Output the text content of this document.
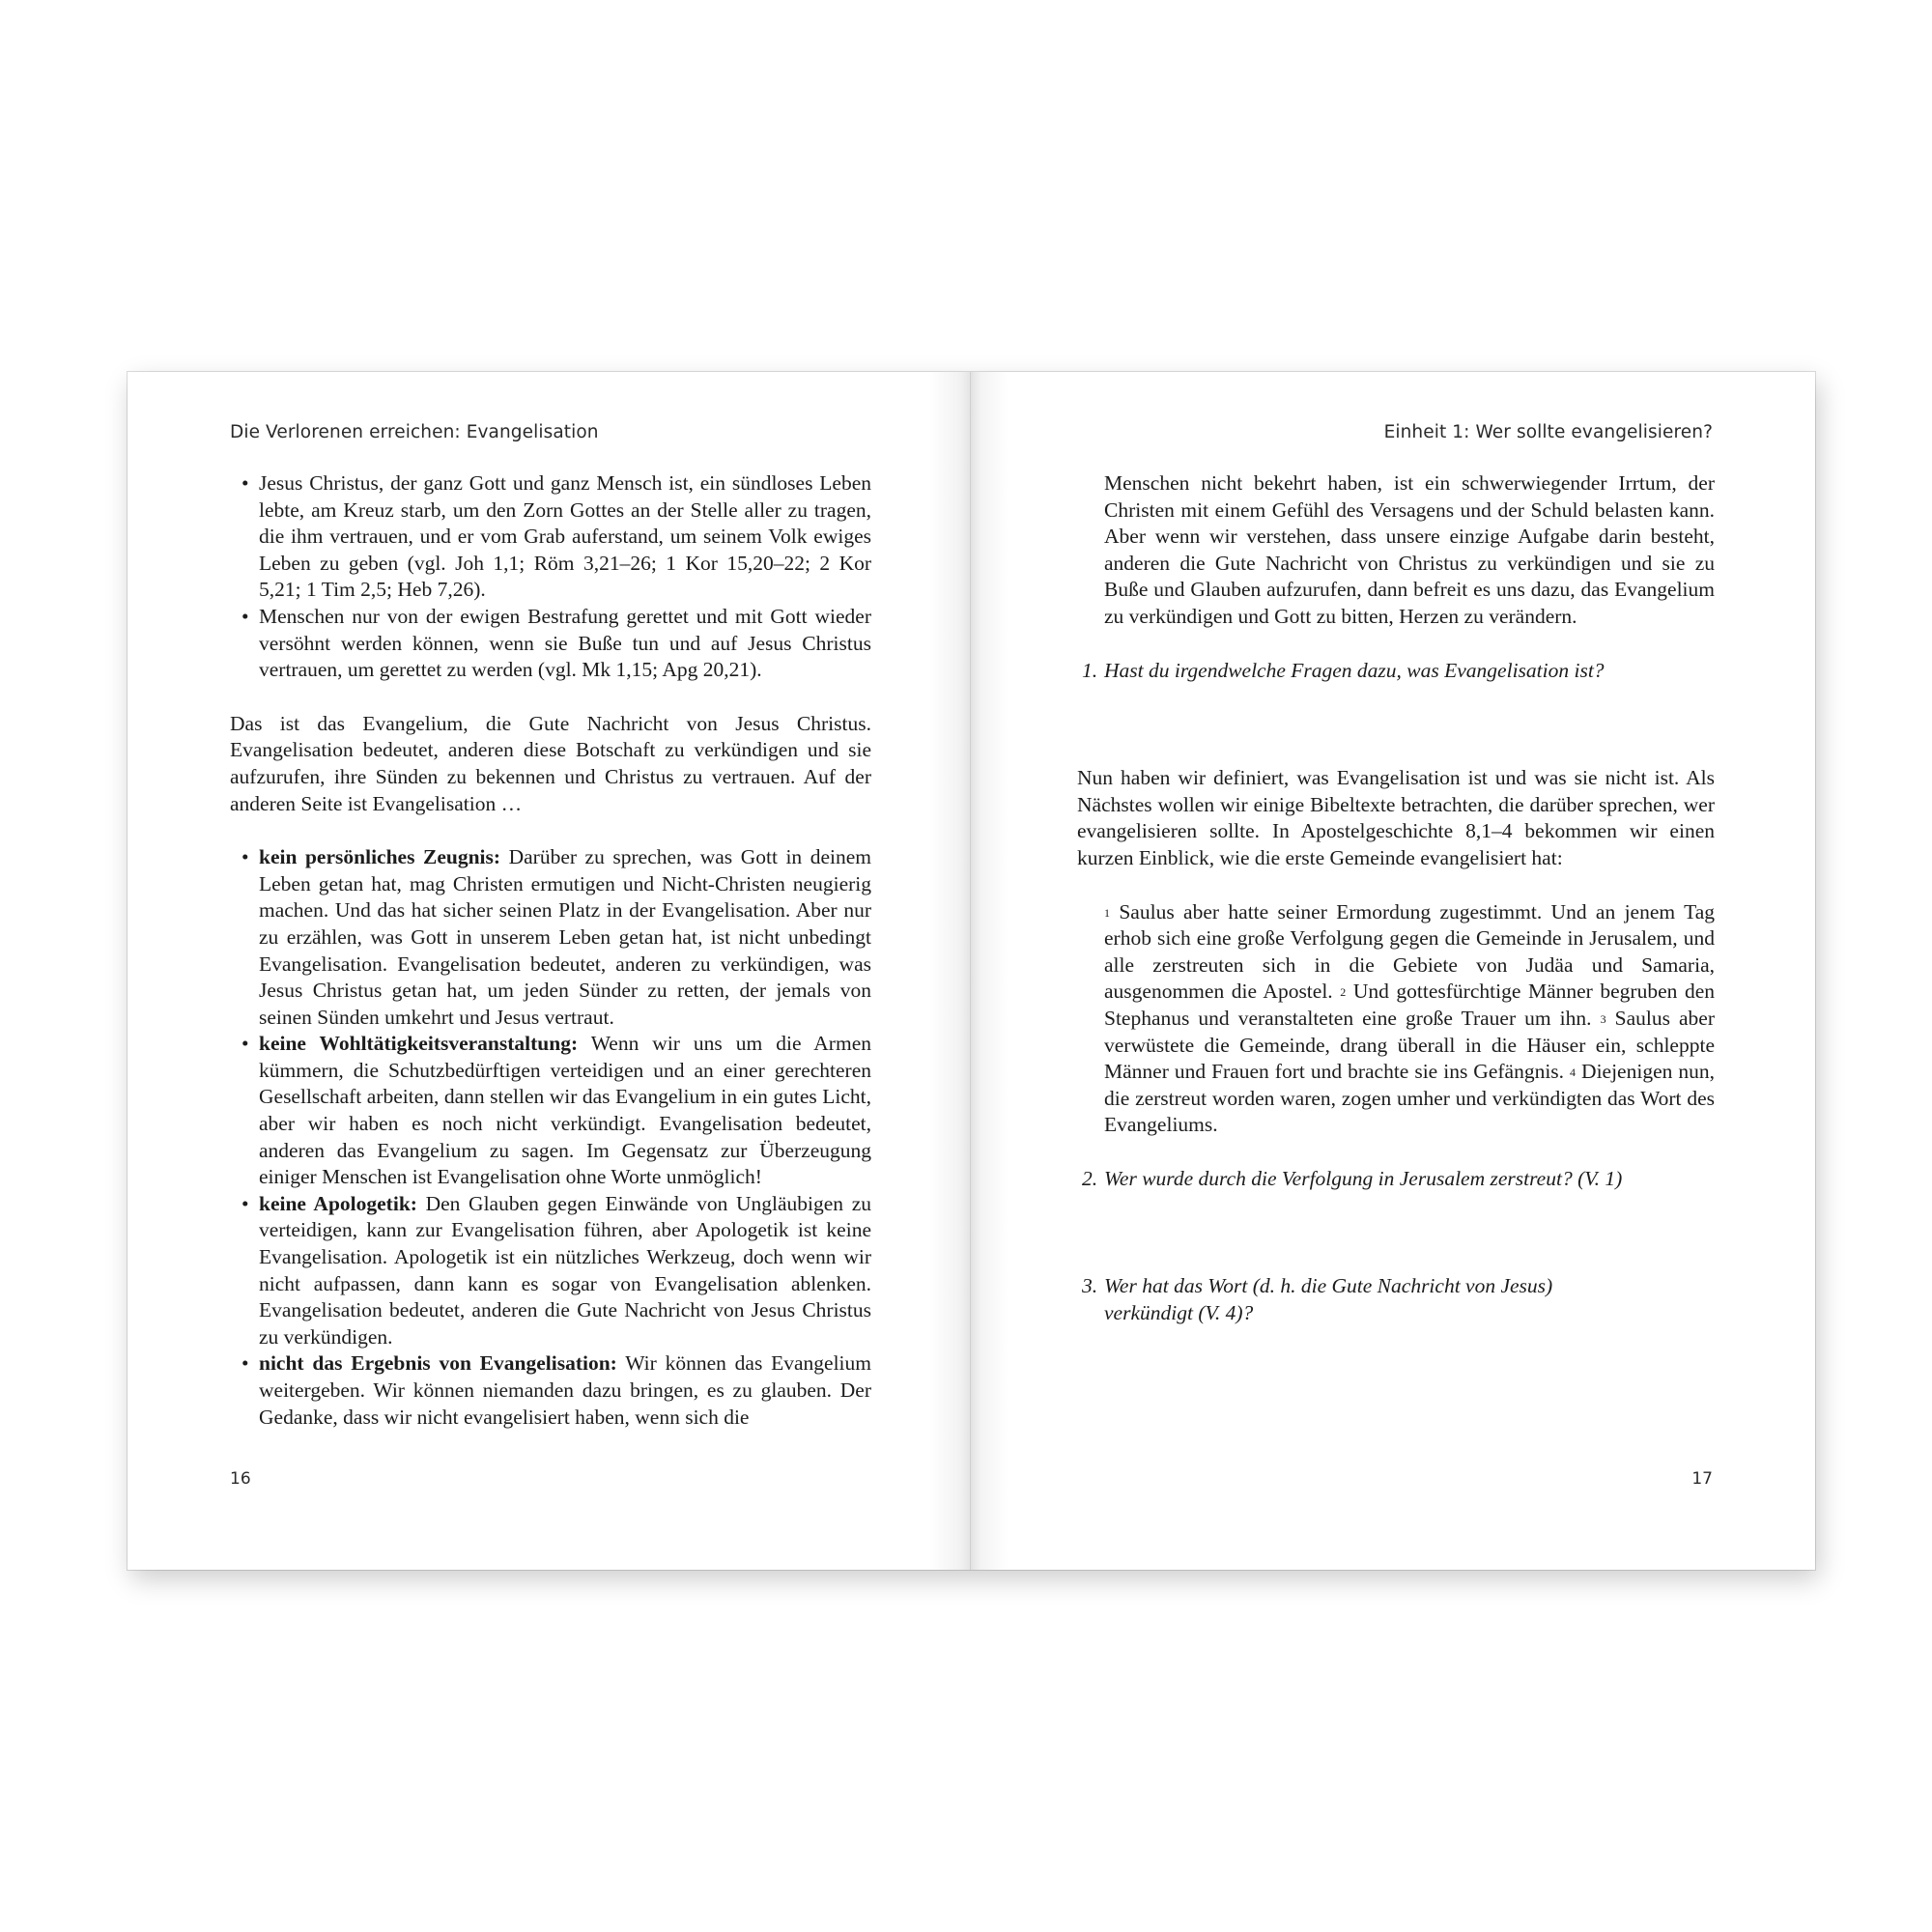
Die Verlorenen erreichen: Evangelisation
• Jesus Christus, der ganz Gott und ganz Mensch ist, ein sündloses Leben lebte, am Kreuz starb, um den Zorn Gottes an der Stelle aller zu tragen, die ihm vertrauen, und er vom Grab auferstand, um seinem Volk ewiges Leben zu geben (vgl. Joh 1,1; Röm 3,21–26; 1 Kor 15,20–22; 2 Kor 5,21; 1 Tim 2,5; Heb 7,26).
• Menschen nur von der ewigen Bestrafung gerettet und mit Gott wieder versöhnt werden können, wenn sie Buße tun und auf Jesus Christus vertrauen, um gerettet zu werden (vgl. Mk 1,15; Apg 20,21).

Das ist das Evangelium, die Gute Nachricht von Jesus Christus. Evangelisation bedeutet, anderen diese Botschaft zu verkündigen und sie aufzurufen, ihre Sünden zu bekennen und Christus zu vertrauen. Auf der anderen Seite ist Evangelisation …

• kein persönliches Zeugnis: Darüber zu sprechen, was Gott in deinem Leben getan hat, mag Christen ermutigen und Nicht-Christen neugierig machen. Und das hat sicher seinen Platz in der Evangelisation. Aber nur zu erzählen, was Gott in unserem Leben getan hat, ist nicht unbedingt Evangelisation. Evangelisation bedeutet, anderen zu verkündigen, was Jesus Christus getan hat, um jeden Sünder zu retten, der jemals von seinen Sünden umkehrt und Jesus vertraut.
• keine Wohltätigkeitsveranstaltung: Wenn wir uns um die Armen kümmern, die Schutzbedürftigen verteidigen und an einer gerechteren Gesellschaft arbeiten, dann stellen wir das Evangelium in ein gutes Licht, aber wir haben es noch nicht verkündigt. Evangelisation bedeutet, anderen das Evangelium zu sagen. Im Gegensatz zur Überzeugung einiger Menschen ist Evangelisation ohne Worte unmöglich!
• keine Apologetik: Den Glauben gegen Einwände von Ungläubigen zu verteidigen, kann zur Evangelisation führen, aber Apologetik ist keine Evangelisation. Apologetik ist ein nützliches Werkzeug, doch wenn wir nicht aufpassen, dann kann es sogar von Evangelisation ablenken. Evangelisation bedeutet, anderen die Gute Nachricht von Jesus Christus zu verkündigen.
• nicht das Ergebnis von Evangelisation: Wir können das Evangelium weitergeben. Wir können niemanden dazu bringen, es zu glauben. Der Gedanke, dass wir nicht evangelisiert haben, wenn sich die
16
Einheit 1: Wer sollte evangelisieren?

Menschen nicht bekehrt haben, ist ein schwerwiegender Irrtum, der Christen mit einem Gefühl des Versagens und der Schuld belasten kann. Aber wenn wir verstehen, dass unsere einzige Aufgabe darin besteht, anderen die Gute Nachricht von Christus zu verkündigen und sie zu Buße und Glauben aufzurufen, dann befreit es uns dazu, das Evangelium zu verkündigen und Gott zu bitten, Herzen zu verändern.

1. Hast du irgendwelche Fragen dazu, was Evangelisation ist?

Nun haben wir definiert, was Evangelisation ist und was sie nicht ist. Als Nächstes wollen wir einige Bibeltexte betrachten, die darüber sprechen, wer evangelisieren sollte. In Apostelgeschichte 8,1–4 bekommen wir einen kurzen Einblick, wie die erste Gemeinde evangelisiert hat:

$^1$ Saulus aber hatte seiner Ermordung zugestimmt. Und an jenem Tag erhob sich eine große Verfolgung gegen die Gemeinde in Jerusalem, und alle zerstreuten sich in die Gebiete von Judäa und Samaria, ausgenommen die Apostel. $^2$ Und gottesfürchtige Männer begruben den Stephanus und veranstalteten eine große Trauer um ihn. $^3$ Saulus aber verwüstete die Gemeinde, drang überall in die Häuser ein, schleppte Männer und Frauen fort und brachte sie ins Gefängnis. $^4$ Diejenigen nun, die zerstreut worden waren, zogen umher und verkündigten das Wort des Evangeliums.

2. Wer wurde durch die Verfolgung in Jerusalem zerstreut? (V. 1)

3. Wer hat das Wort (d. h. die Gute Nachricht von Jesus) verkündigt (V. 4)?

17
